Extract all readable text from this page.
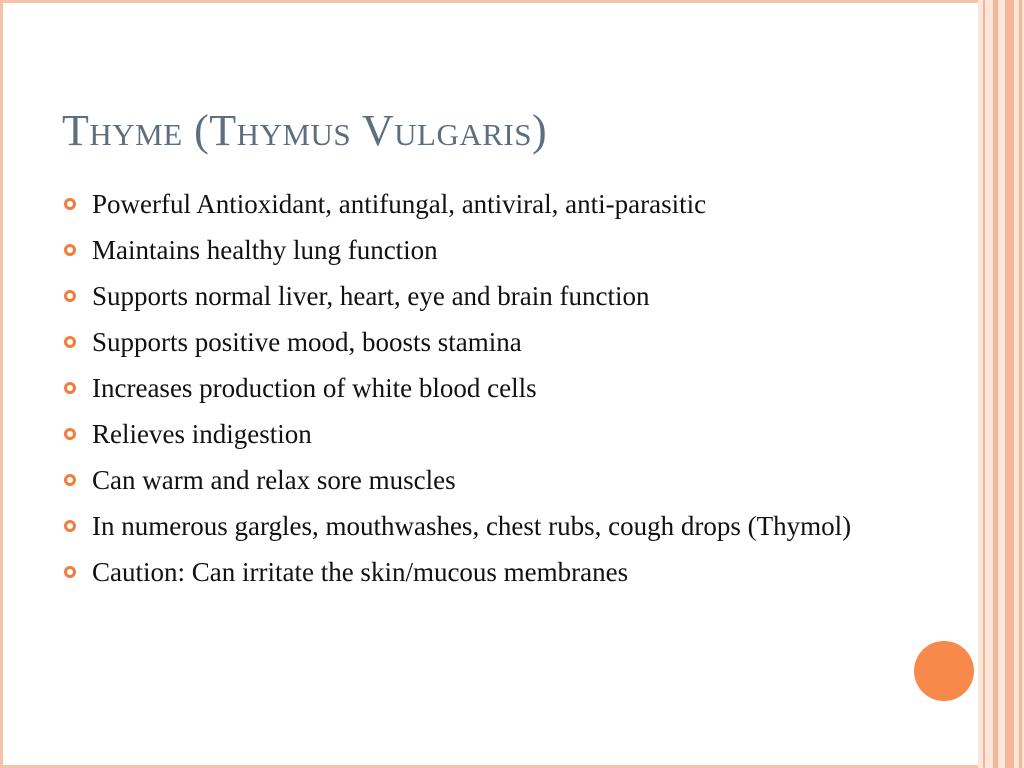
Thyme (Thymus Vulgaris)
Powerful Antioxidant, antifungal, antiviral, anti-parasitic
Maintains healthy lung function
Supports normal liver, heart, eye and brain function
Supports positive mood, boosts stamina
Increases production of white blood cells
Relieves indigestion
Can warm and relax sore muscles
In numerous gargles, mouthwashes, chest rubs, cough drops (Thymol)
Caution: Can irritate the skin/mucous membranes
